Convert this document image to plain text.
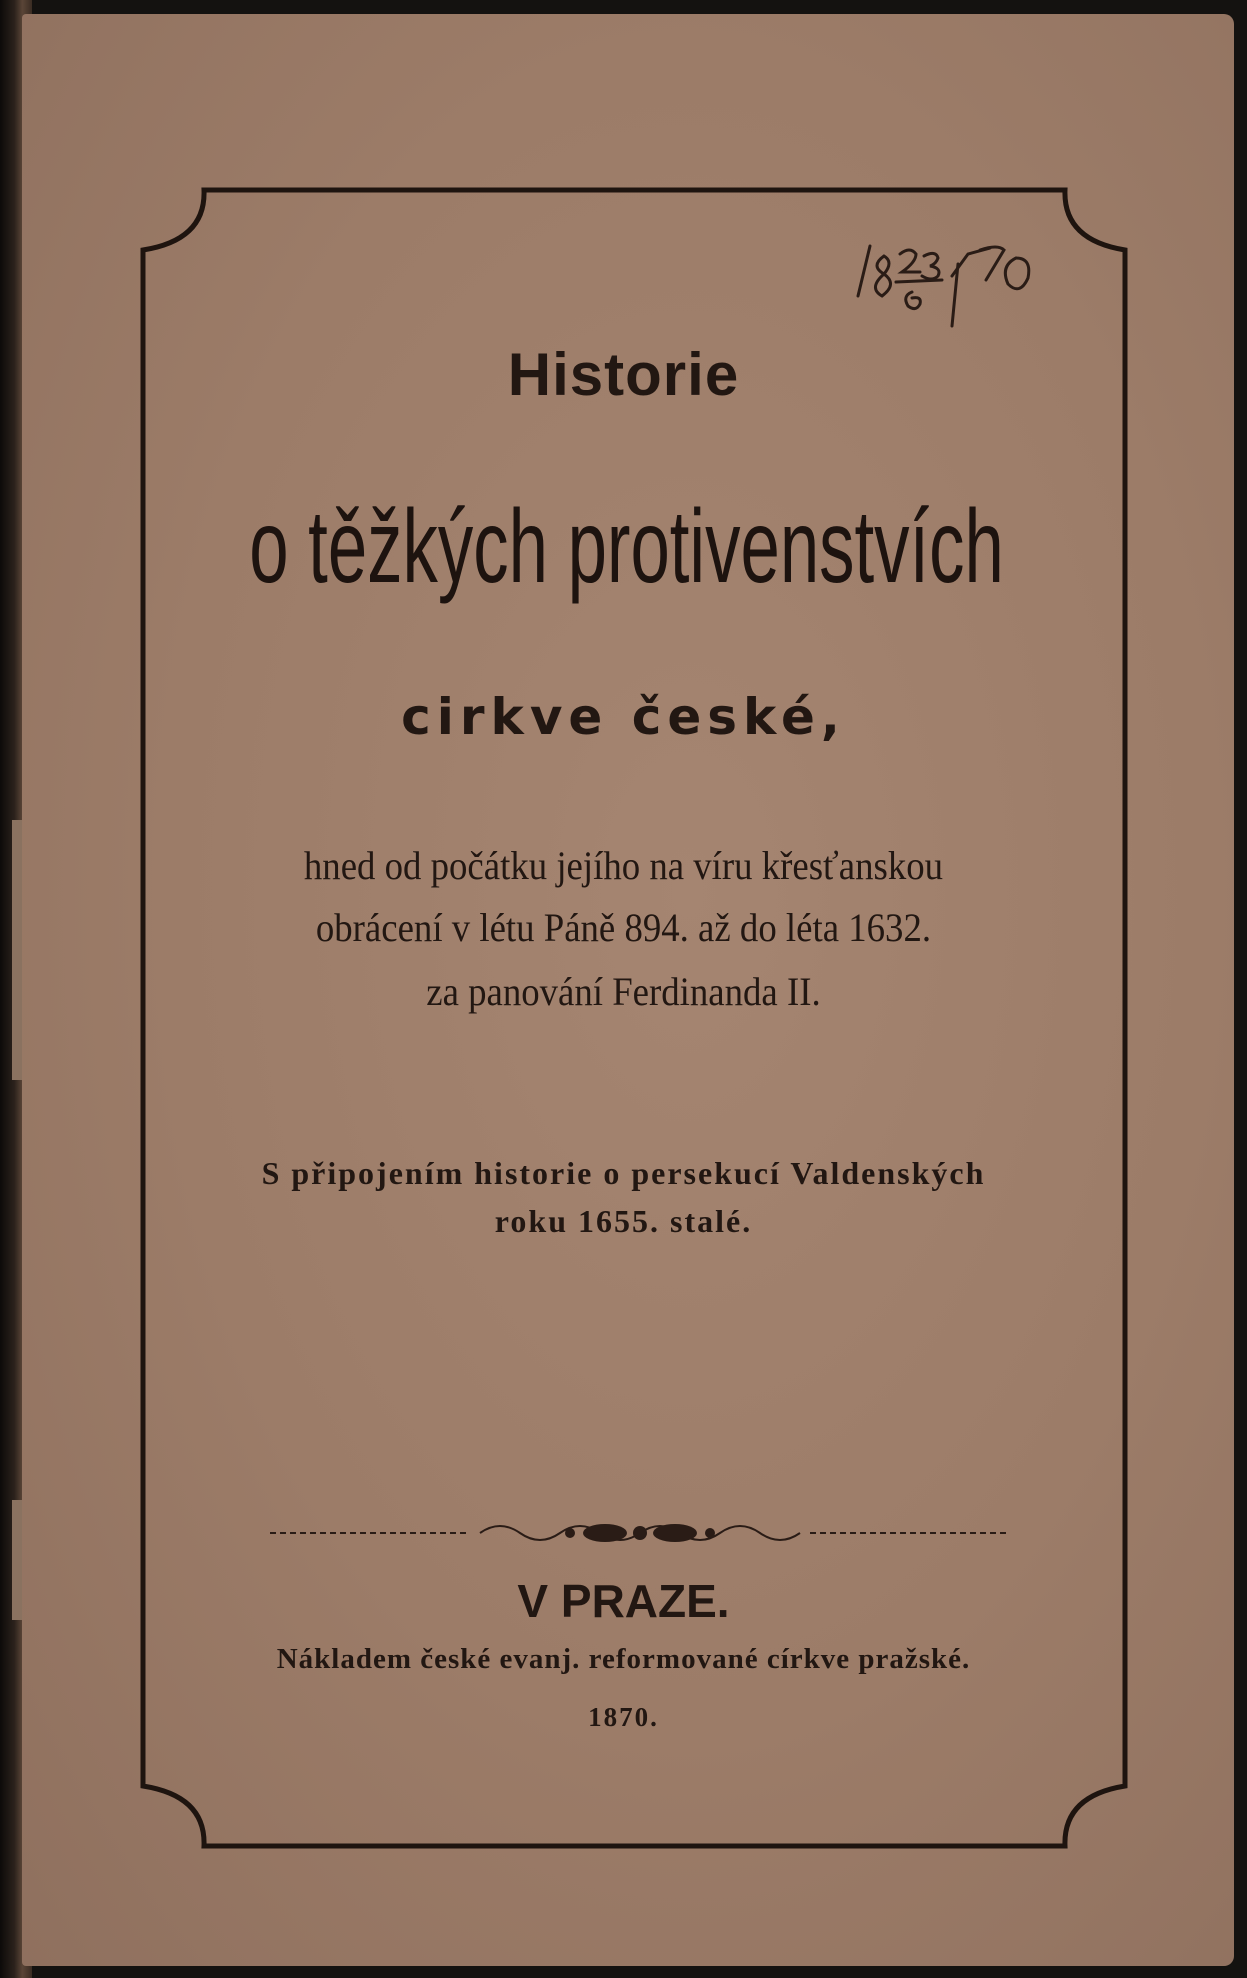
Historie
o těžkých protivenstvích
cirkve české,
hned od počátku jejího na víru křesťanskou
obrácení v létu Páně 894. až do léta 1632.
za panování Ferdinanda II.
S připojením historie o persekucí Valdenských
roku 1655. stalé.
V PRAZE.
Nákladem české evanj. reformované církve pražské.
1870.
